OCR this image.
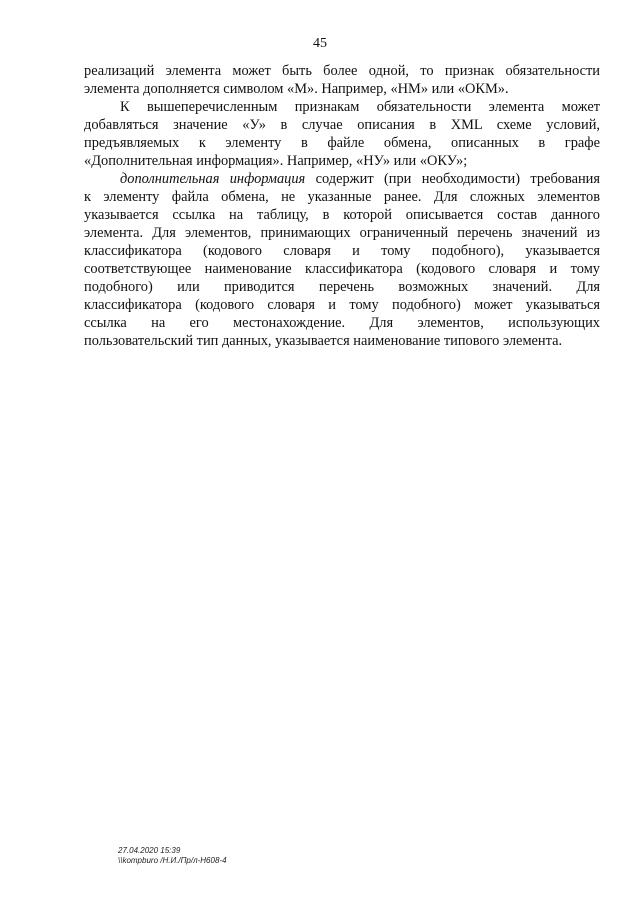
45
реализаций элемента может быть более одной, то признак обязательности
элемента дополняется символом «М». Например, «НМ» или «ОКМ».
К вышеперечисленным признакам обязательности элемента может
добавляться значение «У» в случае описания в XML схеме условий,
предъявляемых к элементу в файле обмена, описанных в графе
«Дополнительная информация». Например, «НУ» или «ОКУ»;
дополнительная информация содержит (при необходимости) требования
к элементу файла обмена, не указанные ранее. Для сложных элементов
указывается ссылка на таблицу, в которой описывается состав данного
элемента. Для элементов, принимающих ограниченный перечень значений из
классификатора (кодового словаря и тому подобного), указывается
соответствующее наименование классификатора (кодового словаря и тому
подобного) или приводится перечень возможных значений. Для
классификатора (кодового словаря и тому подобного) может указываться
ссылка на его местонахождение. Для элементов, использующих
пользовательский тип данных, указывается наименование типового элемента.
27.04.2020 15:39
\\kompburo /Н.И./Пр/л-Н608-4
